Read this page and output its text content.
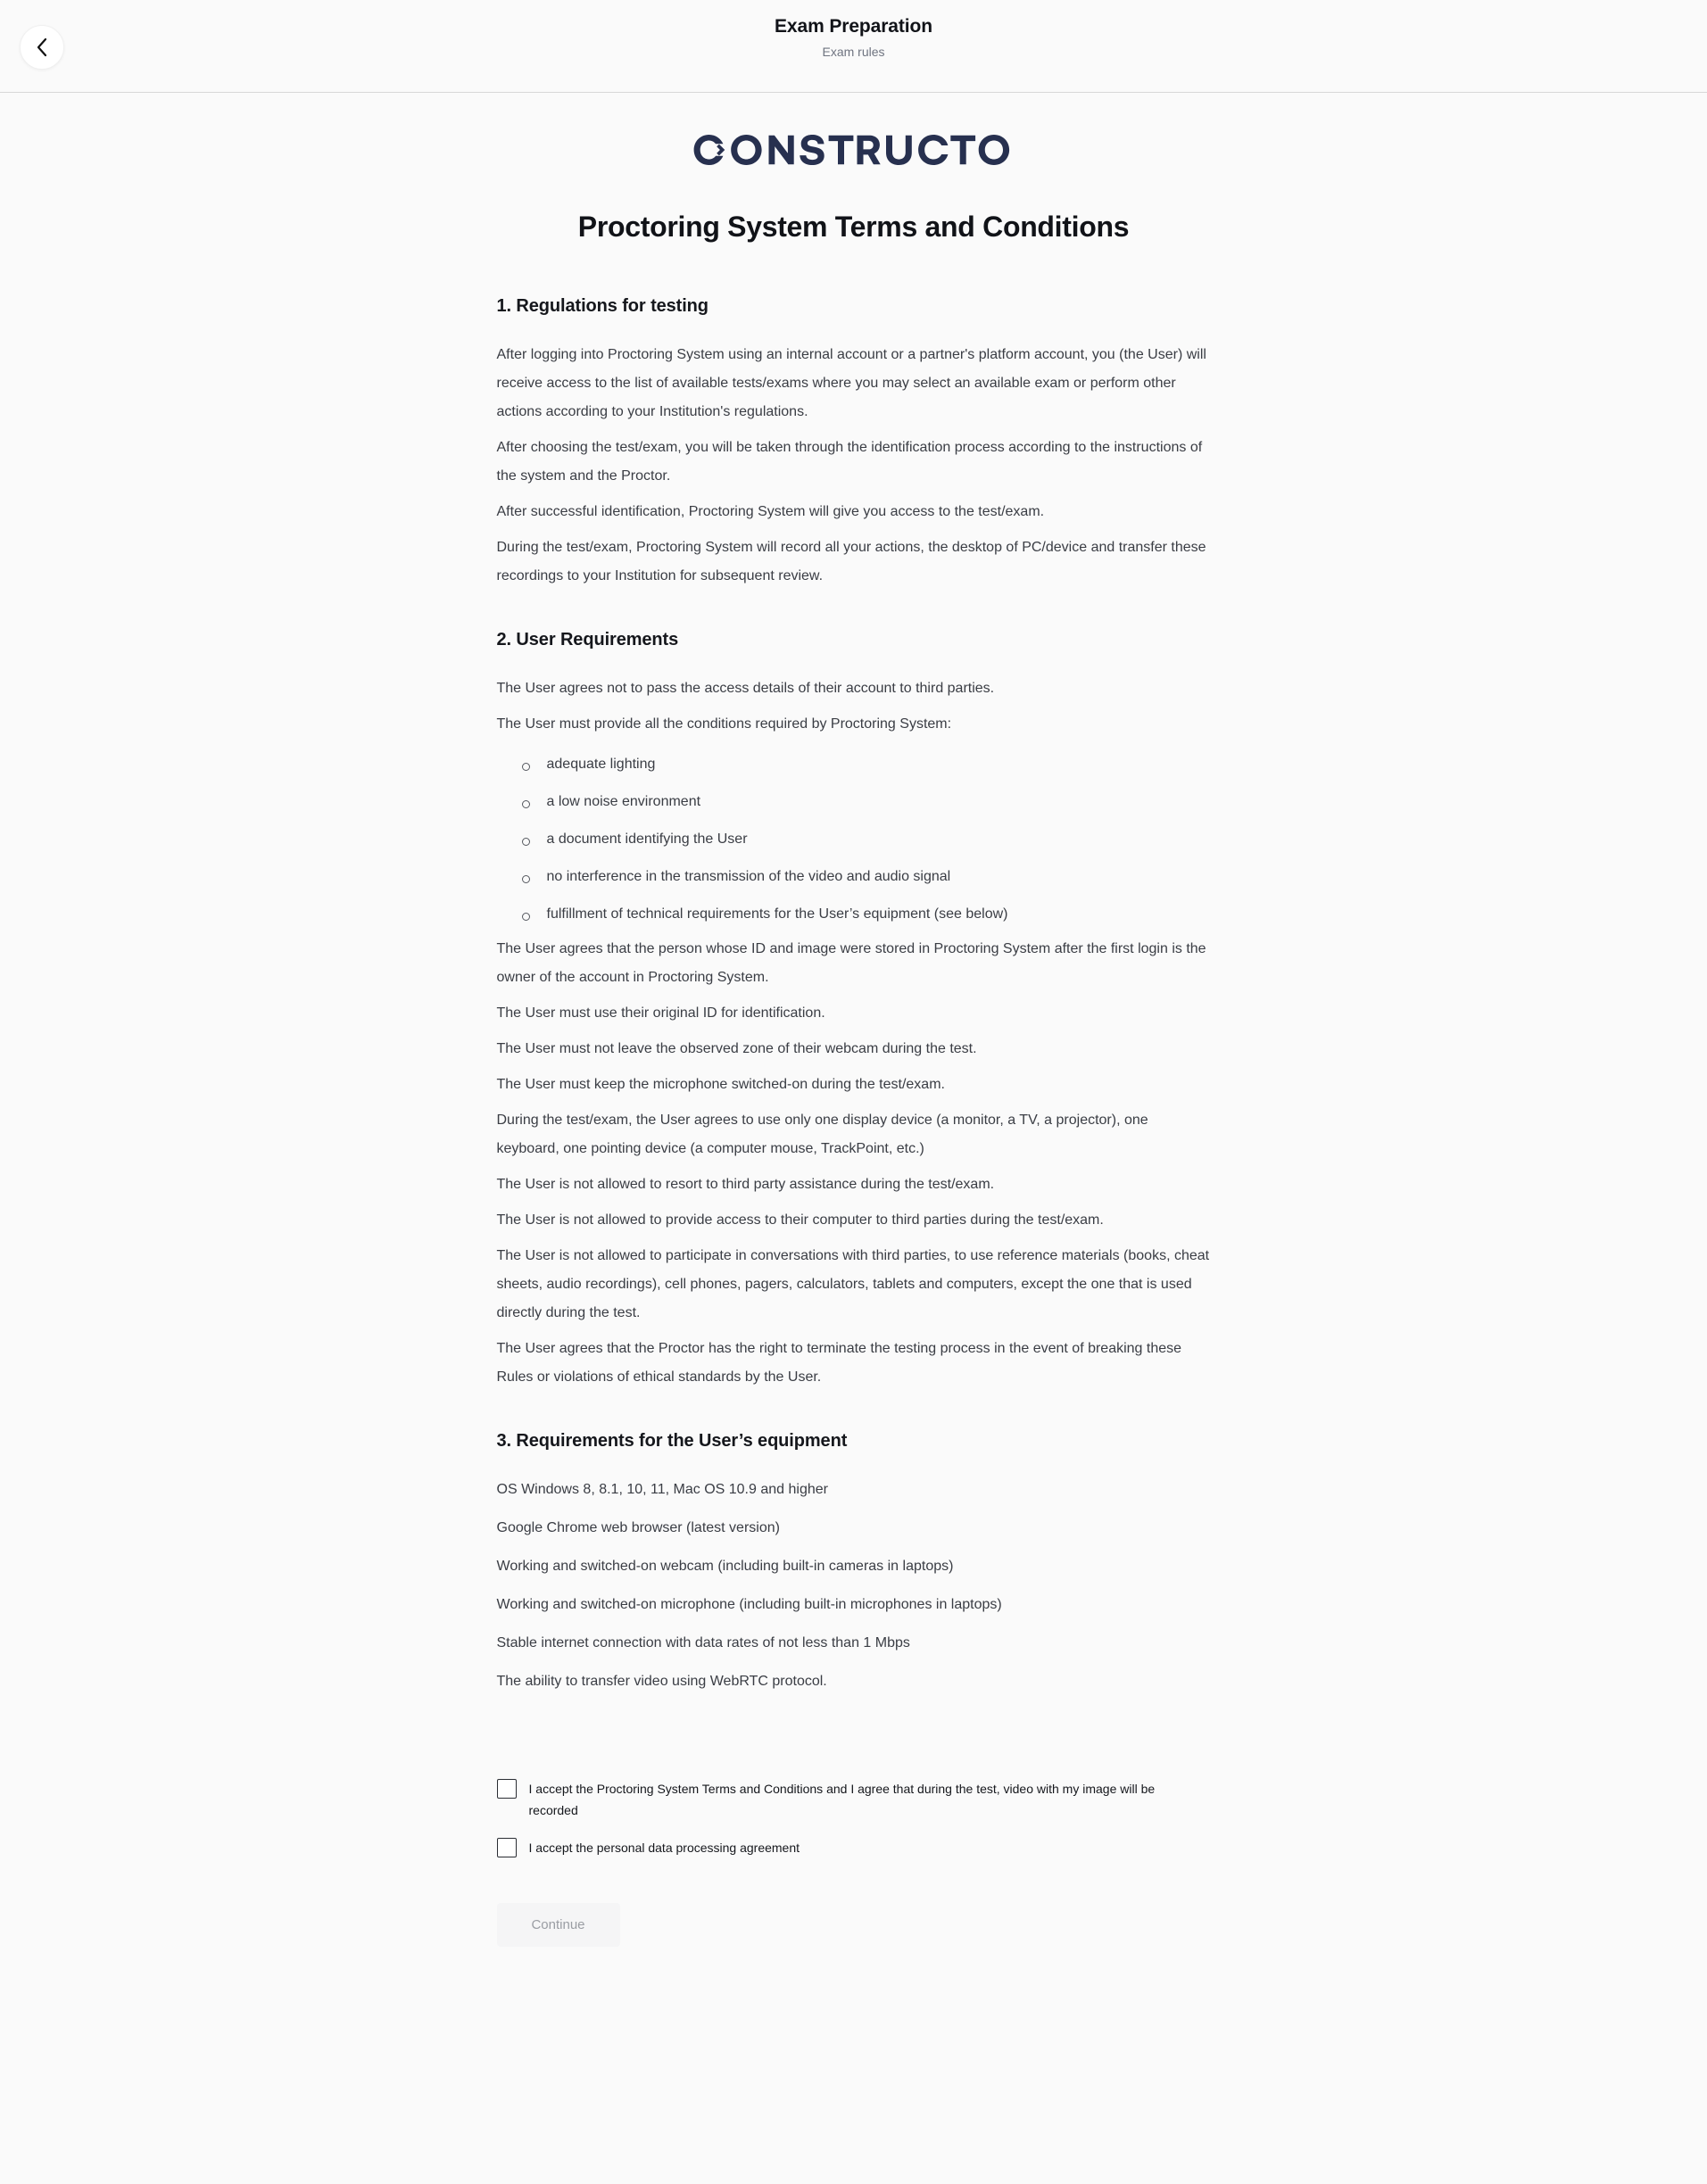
Exam Preparation
Exam rules
Proctoring System Terms and Conditions
1. Regulations for testing

After logging into Proctoring System using an internal account or a partner's platform account, you (the User) will receive access to the list of available tests/exams where you may select an available exam or perform other actions according to your Institution's regulations.

After choosing the test/exam, you will be taken through the identification process according to the instructions of the system and the Proctor.

After successful identification, Proctoring System will give you access to the test/exam.

During the test/exam, Proctoring System will record all your actions, the desktop of PC/device and transfer these recordings to your Institution for subsequent review.

2. User Requirements

The User agrees not to pass the access details of their account to third parties.

The User must provide all the conditions required by Proctoring System:

adequate lighting
a low noise environment
a document identifying the User
no interference in the transmission of the video and audio signal
fulfillment of technical requirements for the User’s equipment (see below)

The User agrees that the person whose ID and image were stored in Proctoring System after the first login is the owner of the account in Proctoring System.

The User must use their original ID for identification.

The User must not leave the observed zone of their webcam during the test.

The User must keep the microphone switched-on during the test/exam.

During the test/exam, the User agrees to use only one display device (a monitor, a TV, a projector), one keyboard, one pointing device (a computer mouse, TrackPoint, etc.)

The User is not allowed to resort to third party assistance during the test/exam.

The User is not allowed to provide access to their computer to third parties during the test/exam.

The User is not allowed to participate in conversations with third parties, to use reference materials (books, cheat sheets, audio recordings), cell phones, pagers, calculators, tablets and computers, except the one that is used directly during the test.

The User agrees that the Proctor has the right to terminate the testing process in the event of breaking these Rules or violations of ethical standards by the User.

3. Requirements for the User’s equipment

OS Windows 8, 8.1, 10, 11, Mac OS 10.9 and higher

Google Chrome web browser (latest version)

Working and switched-on webcam (including built-in cameras in laptops)

Working and switched-on microphone (including built-in microphones in laptops)

Stable internet connection with data rates of not less than 1 Mbps

The ability to transfer video using WebRTC protocol.

I accept the Proctoring System Terms and Conditions and I agree that during the test, video with my image will be recorded
I accept the personal data processing agreement
Continue
